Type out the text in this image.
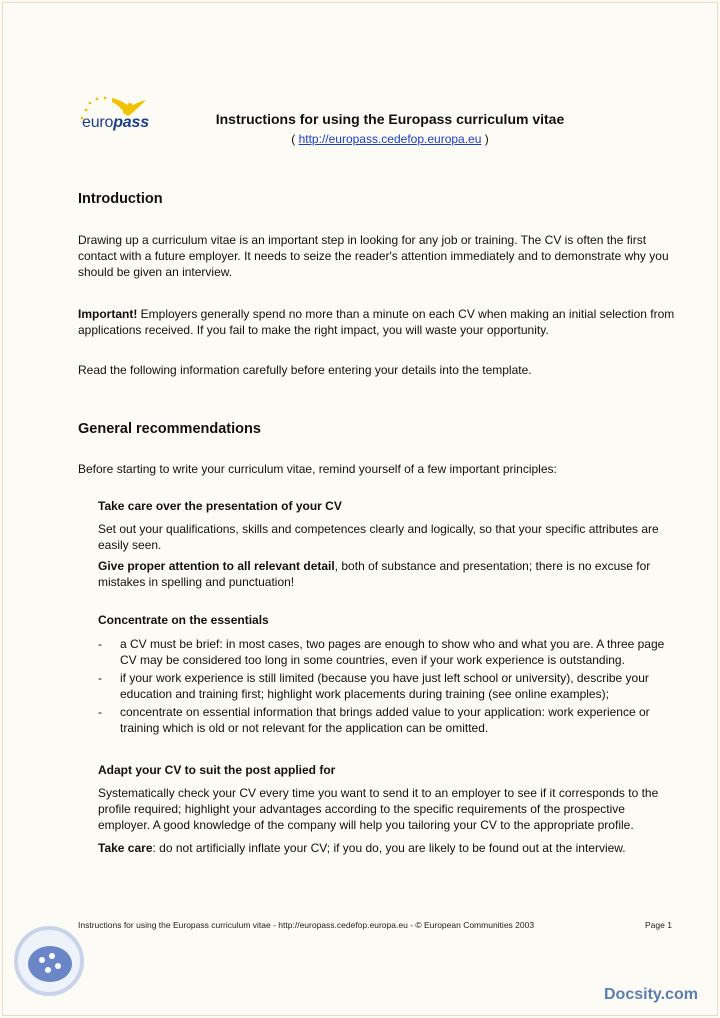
europass	Instructions for using the Europass curriculum vitae
( http://europass.cedefop.europa.eu )
Introduction
Drawing up a curriculum vitae is an important step in looking for any job or training. The CV is often the first contact with a future employer. It needs to seize the reader's attention immediately and to demonstrate why you should be given an interview.
Important! Employers generally spend no more than a minute on each CV when making an initial selection from applications received. If you fail to make the right impact, you will waste your opportunity.
Read the following information carefully before entering your details into the template.
General recommendations
Before starting to write your curriculum vitae, remind yourself of a few important principles:
Take care over the presentation of your CV
Set out your qualifications, skills and competences clearly and logically, so that your specific attributes are easily seen.
Give proper attention to all relevant detail, both of substance and presentation; there is no excuse for mistakes in spelling and punctuation!
Concentrate on the essentials
- a CV must be brief: in most cases, two pages are enough to show who and what you are. A three page CV may be considered too long in some countries, even if your work experience is outstanding.
- if your work experience is still limited (because you have just left school or university), describe your education and training first; highlight work placements during training (see online examples);
- concentrate on essential information that brings added value to your application: work experience or training which is old or not relevant for the application can be omitted.
Adapt your CV to suit the post applied for
Systematically check your CV every time you want to send it to an employer to see if it corresponds to the profile required; highlight your advantages according to the specific requirements of the prospective employer. A good knowledge of the company will help you tailoring your CV to the appropriate profile.
Take care: do not artificially inflate your CV; if you do, you are likely to be found out at the interview.
Instructions for using the Europass curriculum vitae - http://europass.cedefop.europa.eu - © European Communities 2003	Page 1
Docsity.com
